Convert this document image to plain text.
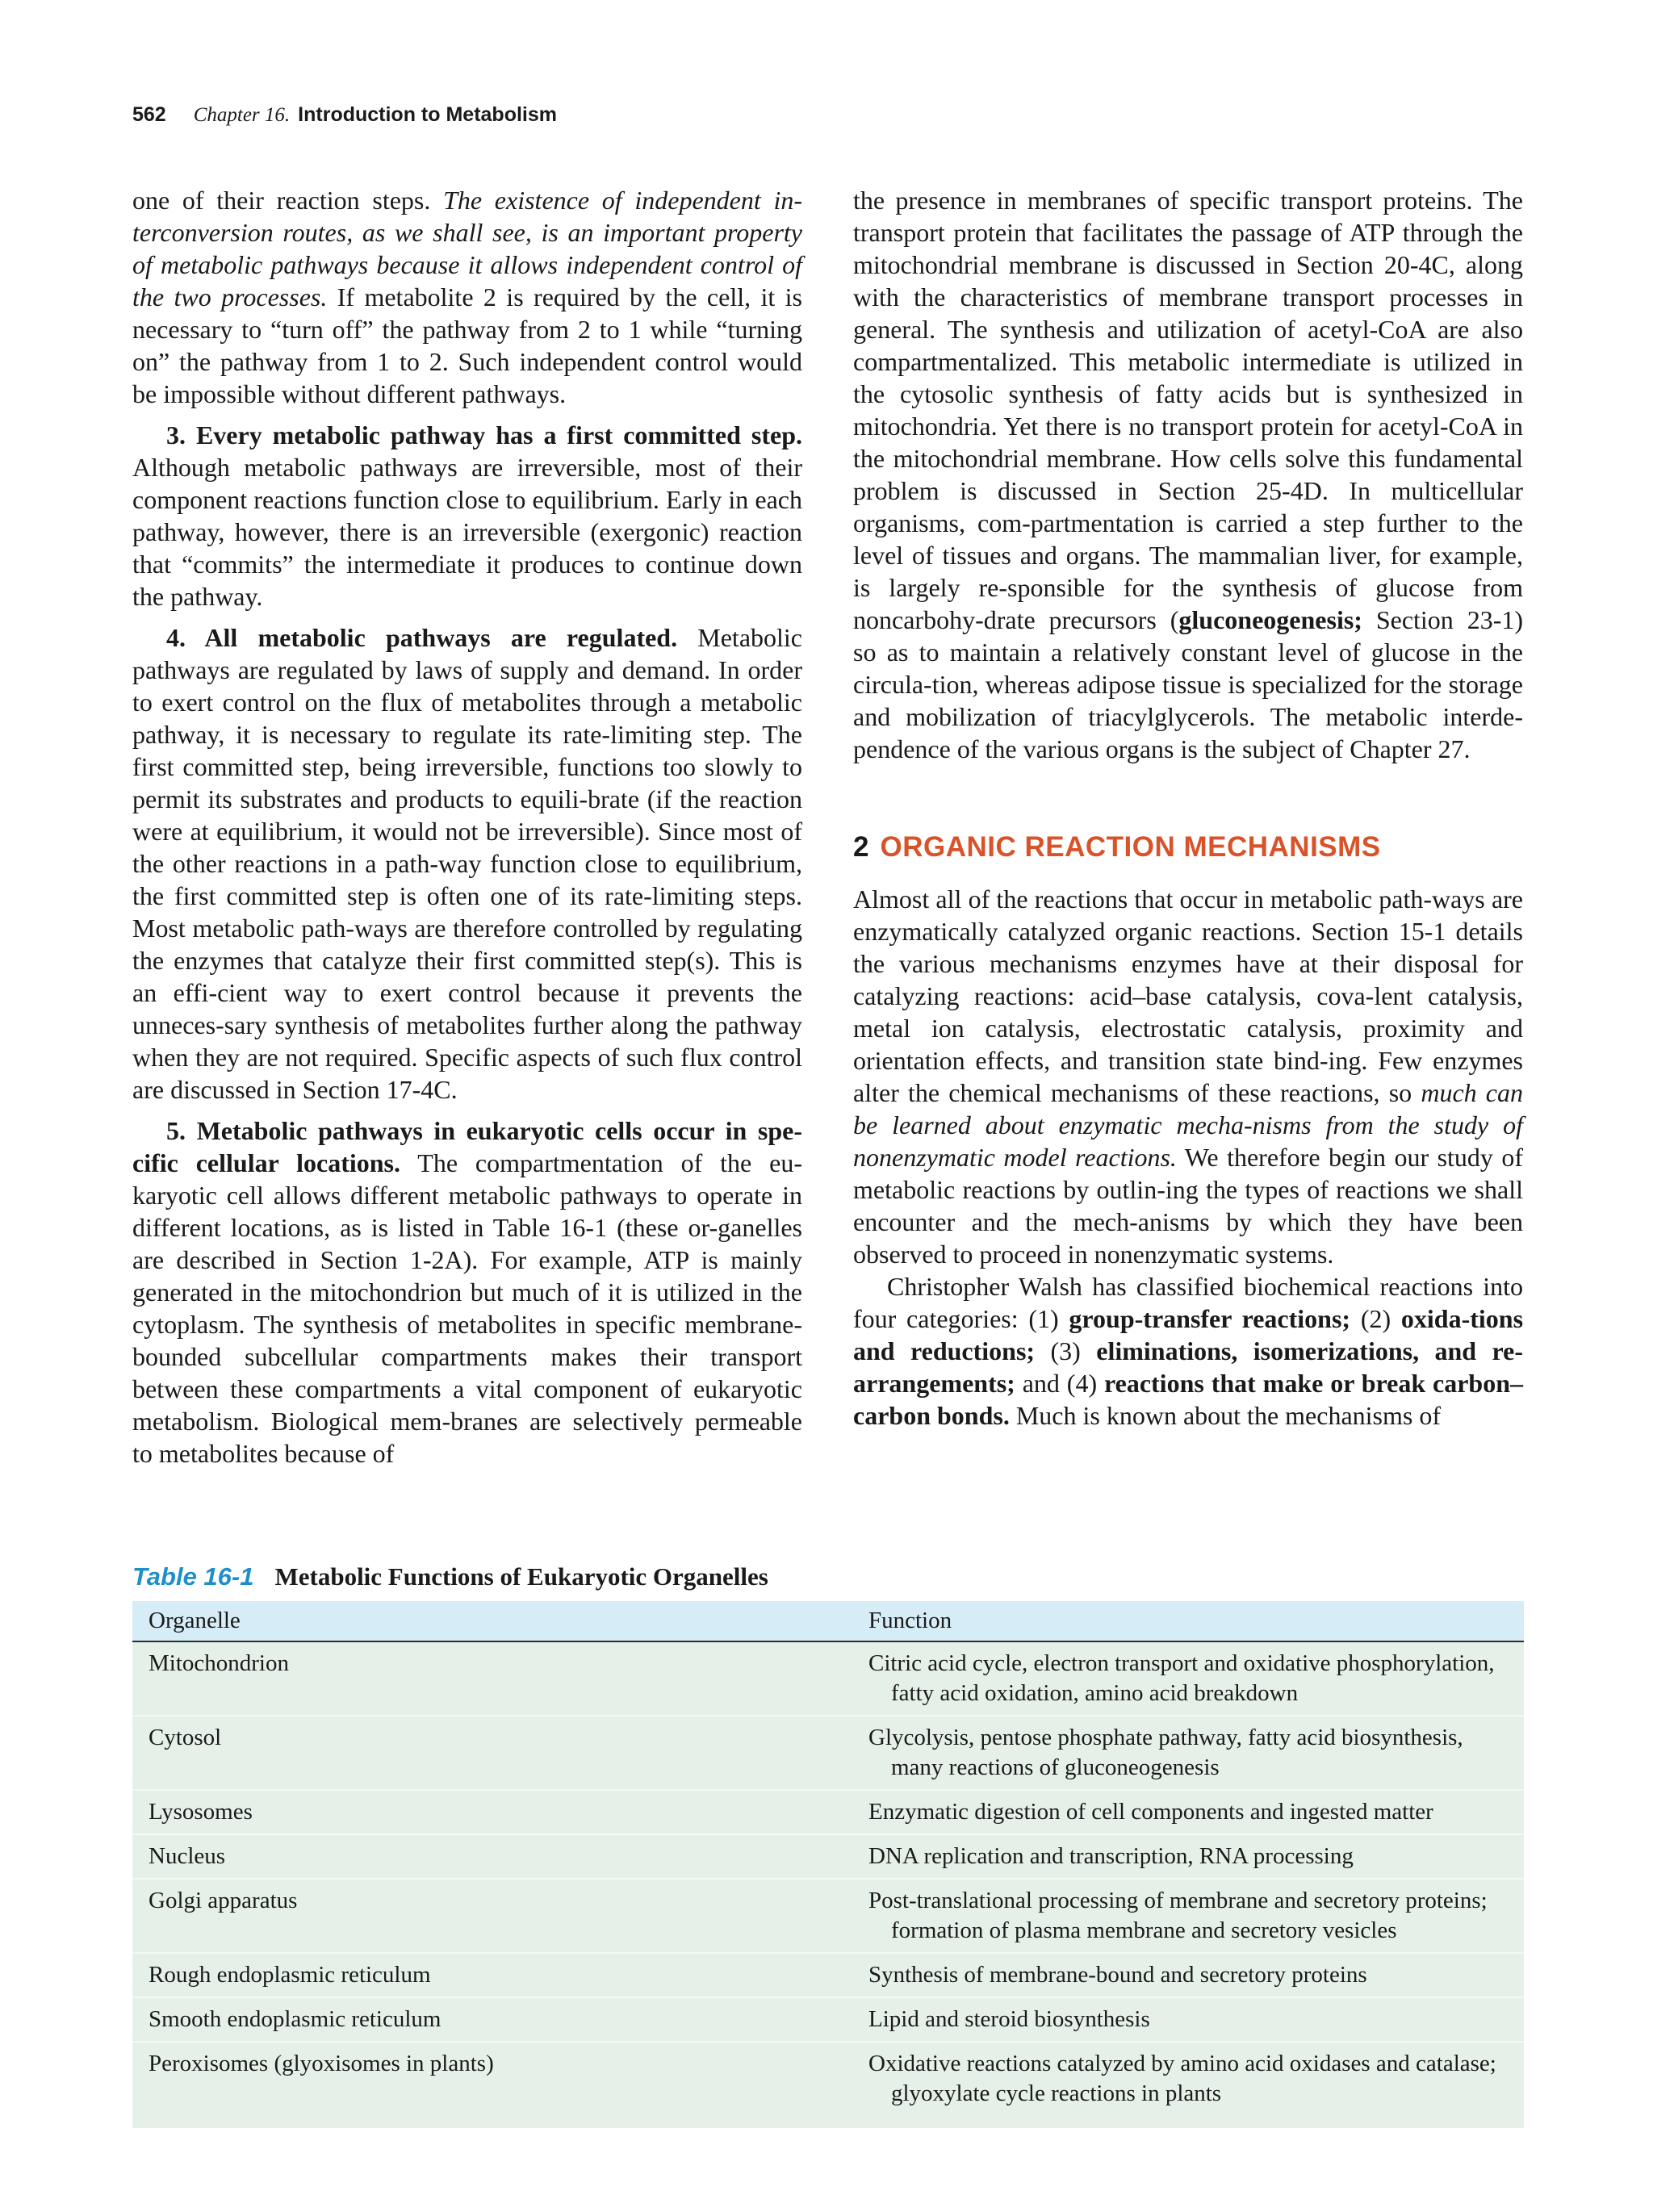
562 Chapter 16. Introduction to Metabolism

one of their reaction steps. The existence of independent in-terconversion routes, as we shall see, is an important property of metabolic pathways because it allows independent control of the two processes. If metabolite 2 is required by the cell, it is necessary to “turn off” the pathway from 2 to 1 while “turning on” the pathway from 1 to 2. Such independent control would be impossible without different pathways.

3. Every metabolic pathway has a first committed step. Although metabolic pathways are irreversible, most of their component reactions function close to equilibrium. Early in each pathway, however, there is an irreversible (exergonic) reaction that “commits” the intermediate it produces to continue down the pathway.

4. All metabolic pathways are regulated. Metabolic pathways are regulated by laws of supply and demand. In order to exert control on the flux of metabolites through a metabolic pathway, it is necessary to regulate its rate-limiting step. The first committed step, being irreversible, functions too slowly to permit its substrates and products to equili-brate (if the reaction were at equilibrium, it would not be irreversible). Since most of the other reactions in a path-way function close to equilibrium, the first committed step is often one of its rate-limiting steps. Most metabolic path-ways are therefore controlled by regulating the enzymes that catalyze their first committed step(s). This is an effi-cient way to exert control because it prevents the unneces-sary synthesis of metabolites further along the pathway when they are not required. Specific aspects of such flux control are discussed in Section 17-4C.

5. Metabolic pathways in eukaryotic cells occur in spe-cific cellular locations. The compartmentation of the eu-karyotic cell allows different metabolic pathways to operate in different locations, as is listed in Table 16-1 (these or-ganelles are described in Section 1-2A). For example, ATP is mainly generated in the mitochondrion but much of it is utilized in the cytoplasm. The synthesis of metabolites in specific membrane-bounded subcellular compartments makes their transport between these compartments a vital component of eukaryotic metabolism. Biological mem-branes are selectively permeable to metabolites because of

the presence in membranes of specific transport proteins. The transport protein that facilitates the passage of ATP through the mitochondrial membrane is discussed in Section 20-4C, along with the characteristics of membrane transport processes in general. The synthesis and utilization of acetyl-CoA are also compartmentalized. This metabolic intermediate is utilized in the cytosolic synthesis of fatty acids but is synthesized in mitochondria. Yet there is no transport protein for acetyl-CoA in the mitochondrial membrane. How cells solve this fundamental problem is discussed in Section 25-4D. In multicellular organisms, com-partmentation is carried a step further to the level of tissues and organs. The mammalian liver, for example, is largely re-sponsible for the synthesis of glucose from noncarbohy-drate precursors (gluconeogenesis; Section 23-1) so as to maintain a relatively constant level of glucose in the circula-tion, whereas adipose tissue is specialized for the storage and mobilization of triacylglycerols. The metabolic interde-pendence of the various organs is the subject of Chapter 27.

2 ORGANIC REACTION MECHANISMS

Almost all of the reactions that occur in metabolic path-ways are enzymatically catalyzed organic reactions. Section 15-1 details the various mechanisms enzymes have at their disposal for catalyzing reactions: acid–base catalysis, cova-lent catalysis, metal ion catalysis, electrostatic catalysis, proximity and orientation effects, and transition state bind-ing. Few enzymes alter the chemical mechanisms of these reactions, so much can be learned about enzymatic mecha-nisms from the study of nonenzymatic model reactions. We therefore begin our study of metabolic reactions by outlin-ing the types of reactions we shall encounter and the mech-anisms by which they have been observed to proceed in nonenzymatic systems.

Christopher Walsh has classified biochemical reactions into four categories: (1) group-transfer reactions; (2) oxida-tions and reductions; (3) eliminations, isomerizations, and re-arrangements; and (4) reactions that make or break carbon–carbon bonds. Much is known about the mechanisms of

Table 16-1 Metabolic Functions of Eukaryotic Organelles
Organelle	Function
Mitochondrion	Citric acid cycle, electron transport and oxidative phosphorylation, fatty acid oxidation, amino acid breakdown
Cytosol	Glycolysis, pentose phosphate pathway, fatty acid biosynthesis, many reactions of gluconeogenesis
Lysosomes	Enzymatic digestion of cell components and ingested matter
Nucleus	DNA replication and transcription, RNA processing
Golgi apparatus	Post-translational processing of membrane and secretory proteins; formation of plasma membrane and secretory vesicles
Rough endoplasmic reticulum	Synthesis of membrane-bound and secretory proteins
Smooth endoplasmic reticulum	Lipid and steroid biosynthesis
Peroxisomes (glyoxisomes in plants)	Oxidative reactions catalyzed by amino acid oxidases and catalase; glyoxylate cycle reactions in plants
